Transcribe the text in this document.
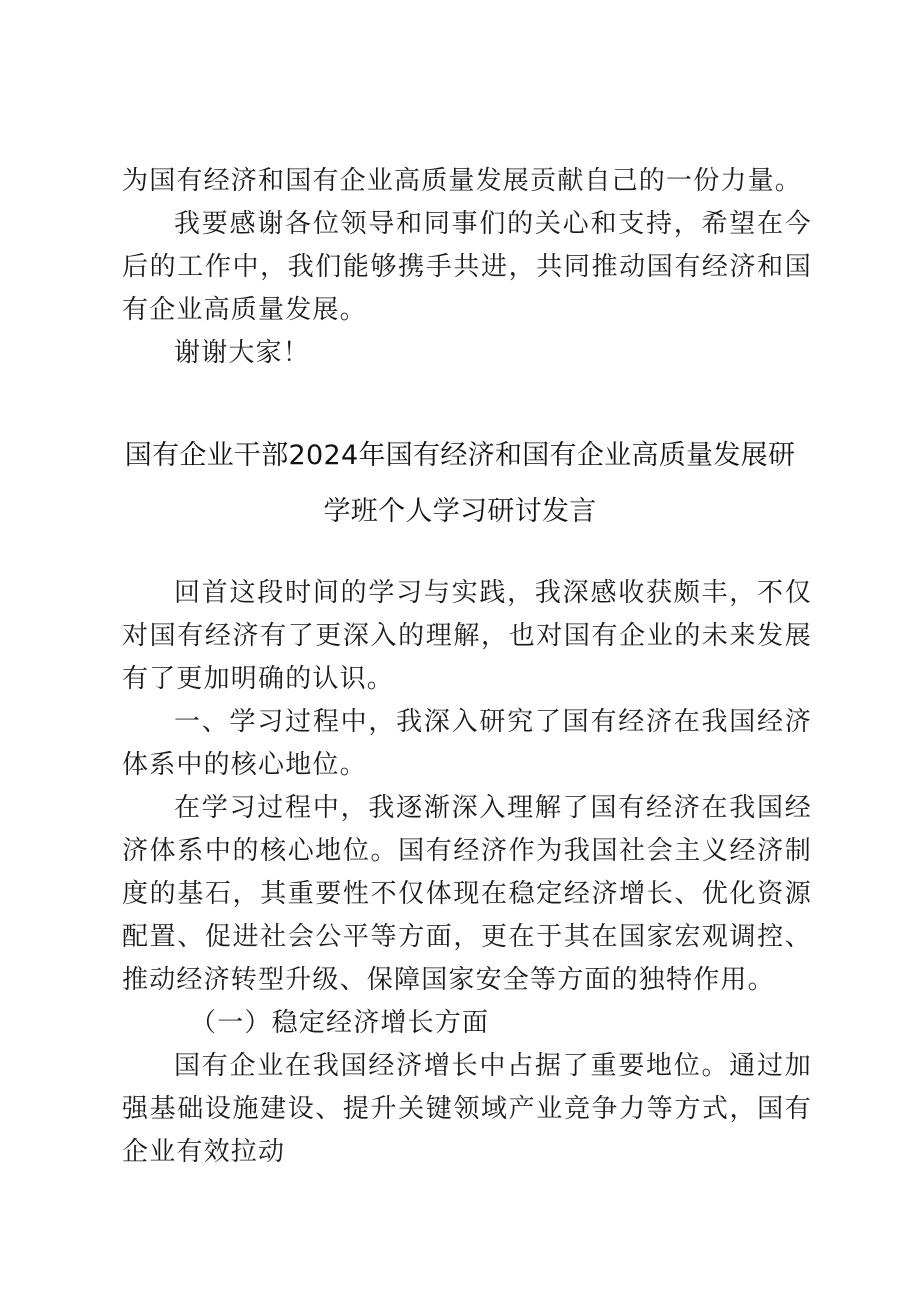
为国有经济和国有企业高质量发展贡献自己的一份力量。

我要感谢各位领导和同事们的关心和支持，希望在今后的工作中，我们能够携手共进，共同推动国有经济和国有企业高质量发展。

谢谢大家！

国有企业干部2024年国有经济和国有企业高质量发展研
学班个人学习研讨发言

回首这段时间的学习与实践，我深感收获颇丰，不仅对国有经济有了更深入的理解，也对国有企业的未来发展有了更加明确的认识。

一、学习过程中，我深入研究了国有经济在我国经济体系中的核心地位。

在学习过程中，我逐渐深入理解了国有经济在我国经济体系中的核心地位。国有经济作为我国社会主义经济制度的基石，其重要性不仅体现在稳定经济增长、优化资源配置、促进社会公平等方面，更在于其在国家宏观调控、推动经济转型升级、保障国家安全等方面的独特作用。

（一）稳定经济增长方面

国有企业在我国经济增长中占据了重要地位。通过加强基础设施建设、提升关键领域产业竞争力等方式，国有企业有效拉动
